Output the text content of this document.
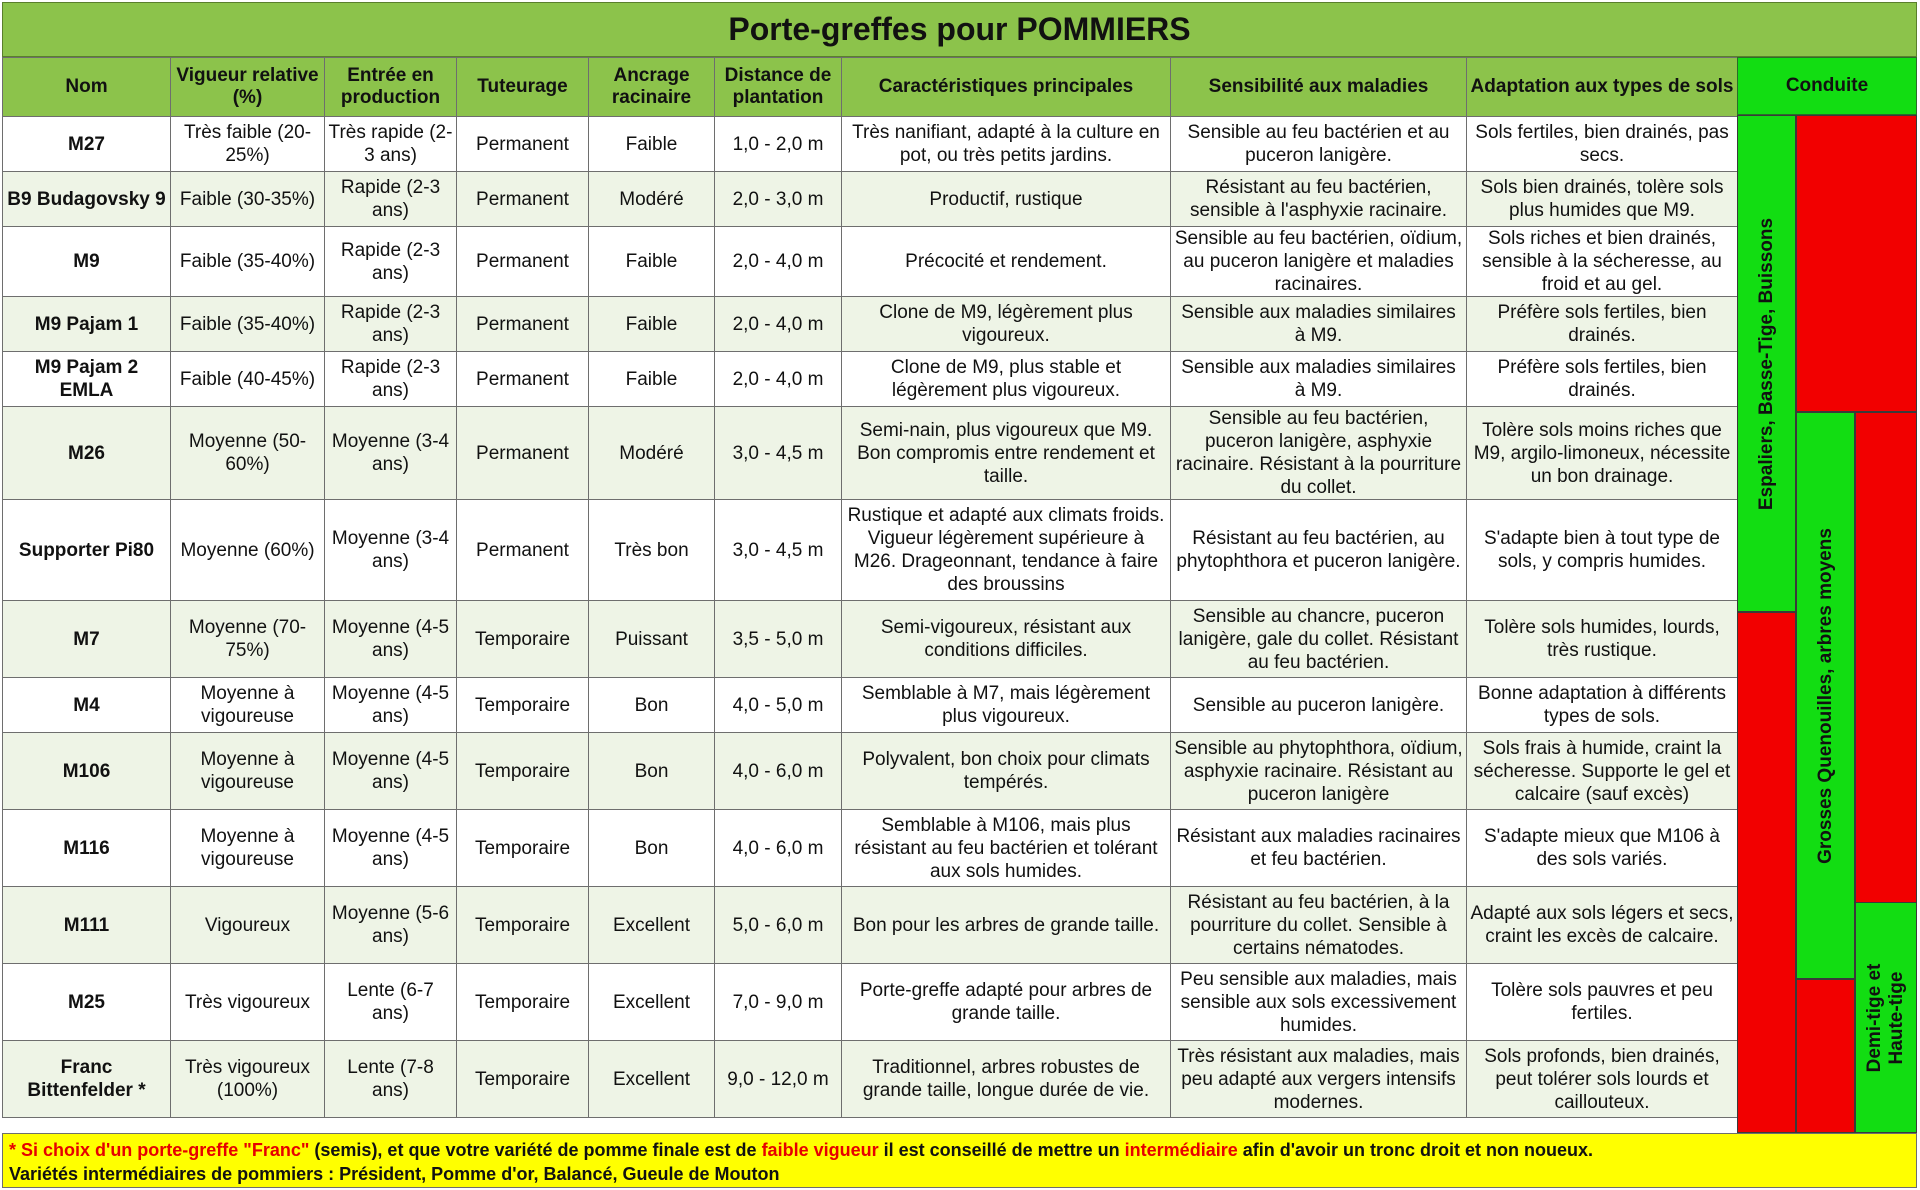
Porte-greffes pour POMMIERS
Nom	Vigueur relative (%)	Entrée en production	Tuteurage	Ancrage racinaire	Distance de plantation	Caractéristiques principales	Sensibilité aux maladies	Adaptation aux types de sols
M27	Très faible (20-25%)	Très rapide (2-3 ans)	Permanent	Faible	1,0 - 2,0 m	Très nanifiant, adapté à la culture en pot, ou très petits jardins.	Sensible au feu bactérien et au puceron lanigère.	Sols fertiles, bien drainés, pas secs.
B9 Budagovsky 9	Faible (30-35%)	Rapide (2-3 ans)	Permanent	Modéré	2,0 - 3,0 m	Productif, rustique	Résistant au feu bactérien, sensible à l'asphyxie racinaire.	Sols bien drainés, tolère sols plus humides que M9.
M9	Faible (35-40%)	Rapide (2-3 ans)	Permanent	Faible	2,0 - 4,0 m	Précocité et rendement.	Sensible au feu bactérien, oïdium, au puceron lanigère et maladies racinaires.	Sols riches et bien drainés, sensible à la sécheresse, au froid et au gel.
M9 Pajam 1	Faible (35-40%)	Rapide (2-3 ans)	Permanent	Faible	2,0 - 4,0 m	Clone de M9, légèrement plus vigoureux.	Sensible aux maladies similaires à M9.	Préfère sols fertiles, bien drainés.
M9 Pajam 2 EMLA	Faible (40-45%)	Rapide (2-3 ans)	Permanent	Faible	2,0 - 4,0 m	Clone de M9, plus stable et légèrement plus vigoureux.	Sensible aux maladies similaires à M9.	Préfère sols fertiles, bien drainés.
M26	Moyenne (50-60%)	Moyenne (3-4 ans)	Permanent	Modéré	3,0 - 4,5 m	Semi-nain, plus vigoureux que M9. Bon compromis entre rendement et taille.	Sensible au feu bactérien, puceron lanigère, asphyxie racinaire. Résistant à la pourriture du collet.	Tolère sols moins riches que M9, argilo-limoneux, nécessite un bon drainage.
Supporter Pi80	Moyenne (60%)	Moyenne (3-4 ans)	Permanent	Très bon	3,0 - 4,5 m	Rustique et adapté aux climats froids. Vigueur légèrement supérieure à M26. Drageonnant, tendance à faire des broussins	Résistant au feu bactérien, au phytophthora et puceron lanigère.	S'adapte bien à tout type de sols, y compris humides.
M7	Moyenne (70-75%)	Moyenne (4-5 ans)	Temporaire	Puissant	3,5 - 5,0 m	Semi-vigoureux, résistant aux conditions difficiles.	Sensible au chancre, puceron lanigère, gale du collet. Résistant au feu bactérien.	Tolère sols humides, lourds, très rustique.
M4	Moyenne à vigoureuse	Moyenne (4-5 ans)	Temporaire	Bon	4,0 - 5,0 m	Semblable à M7, mais légèrement plus vigoureux.	Sensible au puceron lanigère.	Bonne adaptation à différents types de sols.
M106	Moyenne à vigoureuse	Moyenne (4-5 ans)	Temporaire	Bon	4,0 - 6,0 m	Polyvalent, bon choix pour climats tempérés.	Sensible au phytophthora, oïdium, asphyxie racinaire. Résistant au puceron lanigère	Sols frais à humide, craint la sécheresse. Supporte le gel et calcaire (sauf excès)
M116	Moyenne à vigoureuse	Moyenne (4-5 ans)	Temporaire	Bon	4,0 - 6,0 m	Semblable à M106, mais plus résistant au feu bactérien et tolérant aux sols humides.	Résistant aux maladies racinaires et feu bactérien.	S'adapte mieux que M106 à des sols variés.
M111	Vigoureux	Moyenne (5-6 ans)	Temporaire	Excellent	5,0 - 6,0 m	Bon pour les arbres de grande taille.	Résistant au feu bactérien, à la pourriture du collet. Sensible à certains nématodes.	Adapté aux sols légers et secs, craint les excès de calcaire.
M25	Très vigoureux	Lente (6-7 ans)	Temporaire	Excellent	7,0 - 9,0 m	Porte-greffe adapté pour arbres de grande taille.	Peu sensible aux maladies, mais sensible aux sols excessivement humides.	Tolère sols pauvres et peu fertiles.
Franc Bittenfelder *	Très vigoureux (100%)	Lente (7-8 ans)	Temporaire	Excellent	9,0 - 12,0 m	Traditionnel, arbres robustes de grande taille, longue durée de vie.	Très résistant aux maladies, mais peu adapté aux vergers intensifs modernes.	Sols profonds, bien drainés, peut tolérer sols lourds et caillouteux.
Conduite
Espaliers, Basse-Tige, Buissons
Grosses Quenouilles, arbres moyens
Demi-tige et
Haute-tige
* Si choix d'un porte-greffe "Franc" (semis), et que votre variété de pomme finale est de faible vigueur il est conseillé de mettre un intermédiaire afin d'avoir un tronc droit et non noueux.
Variétés intermédiaires de pommiers : Président, Pomme d'or, Balancé, Gueule de Mouton
